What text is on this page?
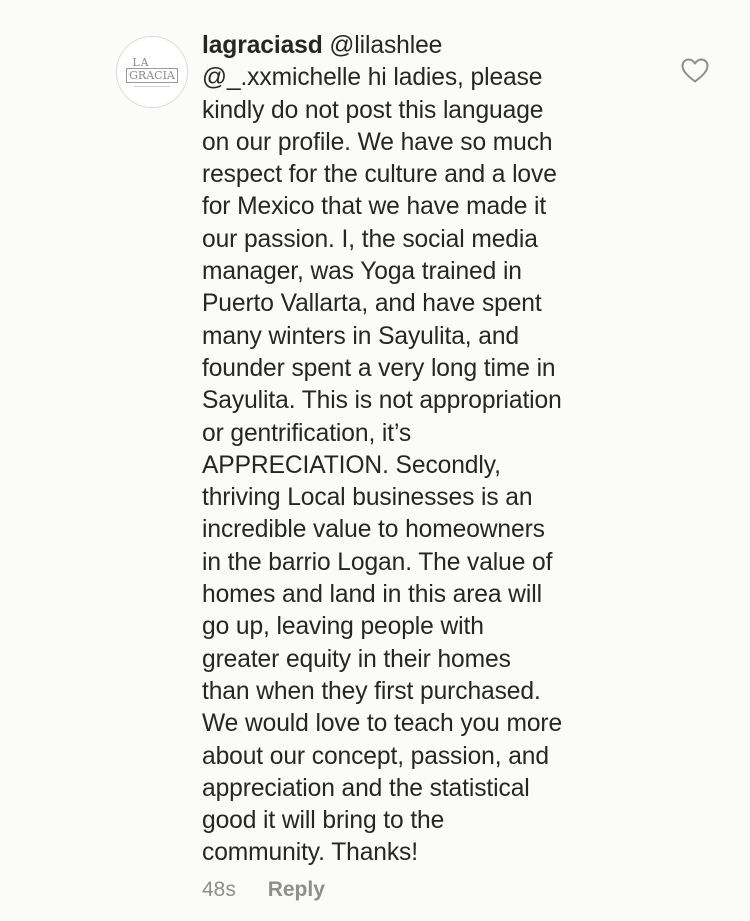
LA
GRACIA
lagraciasd @lilashlee
@_.xxmichelle hi ladies, please
kindly do not post this language
on our profile. We have so much
respect for the culture and a love
for Mexico that we have made it
our passion. I, the social media
manager, was Yoga trained in
Puerto Vallarta, and have spent
many winters in Sayulita, and
founder spent a very long time in
Sayulita. This is not appropriation
or gentrification, it’s
APPRECIATION. Secondly,
thriving Local businesses is an
incredible value to homeowners
in the barrio Logan. The value of
homes and land in this area will
go up, leaving people with
greater equity in their homes
than when they first purchased.
We would love to teach you more
about our concept, passion, and
appreciation and the statistical
good it will bring to the
community. Thanks!
48s Reply
